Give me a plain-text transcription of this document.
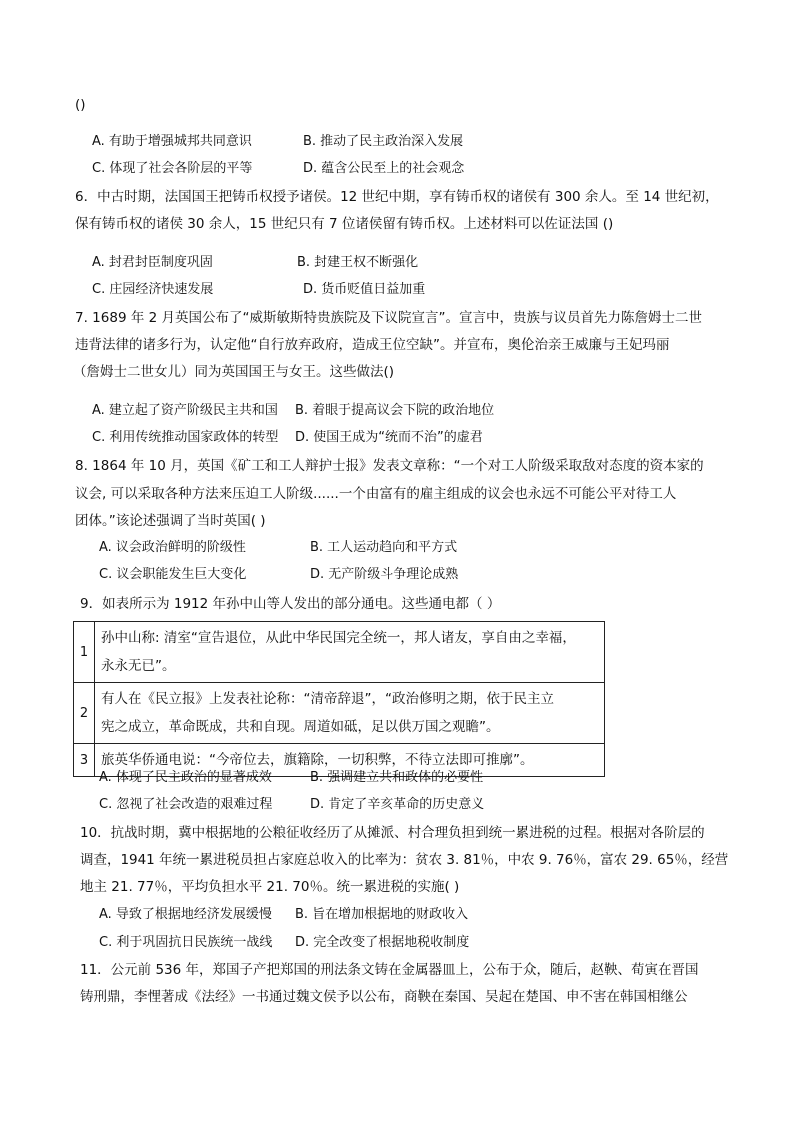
()
A. 有助于增强城邦共同意识	B. 推动了民主政治深入发展
C. 体现了社会各阶层的平等	D. 蕴含公民至上的社会观念
6．中古时期，法国国王把铸币权授予诸侯。12 世纪中期，享有铸币权的诸侯有 300 余人。至 14 世纪初，
保有铸币权的诸侯 30 余人，15 世纪只有 7 位诸侯留有铸币权。上述材料可以佐证法国 ()
A. 封君封臣制度巩固	B. 封建王权不断强化
C. 庄园经济快速发展	D. 货币贬值日益加重
7. 1689 年 2 月英国公布了“威斯敏斯特贵族院及下议院宣言”。宣言中，贵族与议员首先力陈詹姆士二世
违背法律的诸多行为，认定他“自行放弃政府，造成王位空缺”。并宣布，奥伦治亲王威廉与王妃玛丽
（詹姆士二世女儿）同为英国国王与女王。这些做法()
A. 建立起了资产阶级民主共和国 B. 着眼于提高议会下院的政治地位
C. 利用传统推动国家政体的转型 D. 使国王成为“统而不治”的虚君
8. 1864 年 10 月，英国《矿工和工人辩护士报》发表文章称：“一个对工人阶级采取敌对态度的资本家的
议会, 可以采取各种方法来压迫工人阶级......一个由富有的雇主组成的议会也永远不可能公平对待工人
团体。”该论述强调了当时英国( )
A. 议会政治鲜明的阶级性	B. 工人运动趋向和平方式
C. 议会职能发生巨大变化	D. 无产阶级斗争理论成熟
9．如表所示为 1912 年孙中山等人发出的部分通电。这些通电都（ ）
1	孙中山称: 清室“宣告退位，从此中华民国完全统一，邦人诸友，享自由之幸福，
永永无已”。

2	有人在《民立报》上发表社论称：“清帝辞退”，“政治修明之期，依于民主立
宪之成立，革命既成，共和自现。周道如砥，足以供万国之观瞻”。

3	旅英华侨通电说：“今帝位去，旗籍除，一切积弊，不待立法即可推廓”。
A. 体现了民主政治的显著成效	B. 强调建立共和政体的必要性
C. 忽视了社会改造的艰难过程	D. 肯定了辛亥革命的历史意义
10．抗战时期，冀中根据地的公粮征收经历了从摊派、村合理负担到统一累进税的过程。根据对各阶层的
调查，1941 年统一累进税员担占家庭总收入的比率为：贫农 3. 81％，中农 9. 76％，富农 29. 65％，经营
地主 21. 77％，平均负担水平 21. 70％。统一累进税的实施( )
A. 导致了根据地经济发展缓慢 B. 旨在增加根据地的财政收入
C. 利于巩固抗日民族统一战线 D. 完全改变了根据地税收制度
11．公元前 536 年，郑国子产把郑国的刑法条文铸在金属器皿上，公布于众，随后，赵鞅、荀寅在晋国
铸刑鼎，李悝著成《法经》一书通过魏文侯予以公布，商鞅在秦国、吴起在楚国、申不害在韩国相继公
